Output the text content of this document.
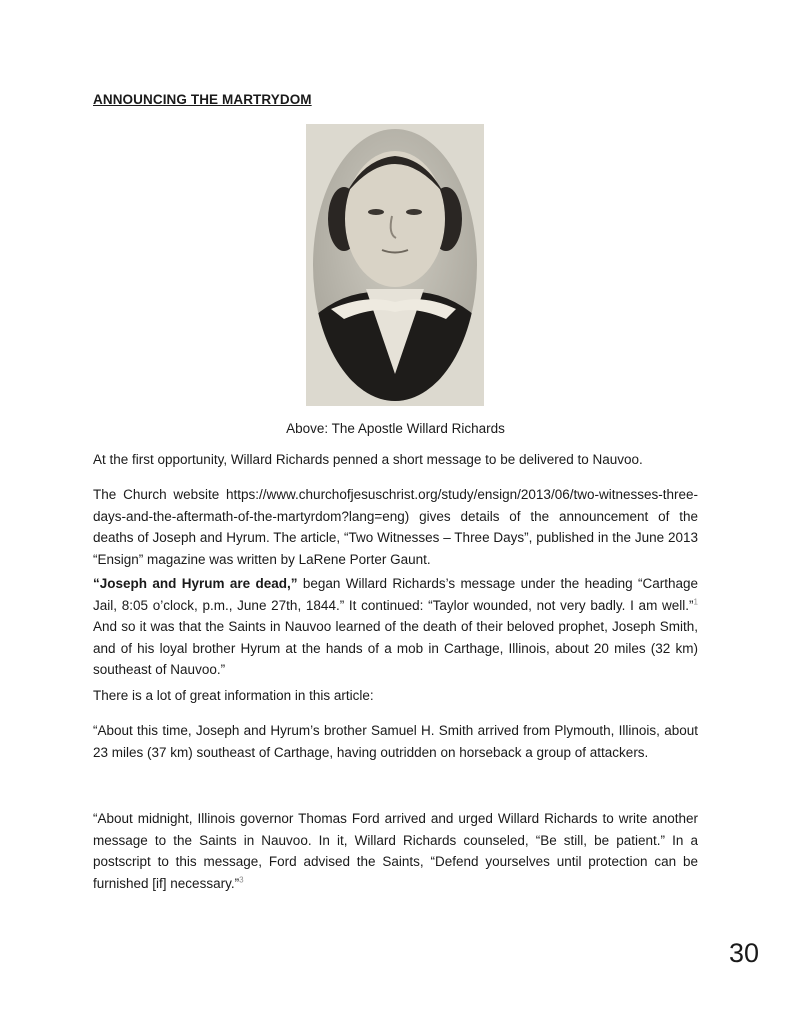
ANNOUNCING THE MARTRYDOM
Above: The Apostle Willard Richards

At the first opportunity, Willard Richards penned a short message to be delivered to Nauvoo.

The Church website https://www.churchofjesuschrist.org/study/ensign/2013/06/two-witnesses-three-days-and-the-aftermath-of-the-martyrdom?lang=eng) gives details of the announcement of the deaths of Joseph and Hyrum. The article, “Two Witnesses – Three Days”, published in the June 2013 “Ensign” magazine was written by LaRene Porter Gaunt.

“Joseph and Hyrum are dead,” began Willard Richards’s message under the heading “Carthage Jail, 8:05 o’clock, p.m., June 27th, 1844.” It continued: “Taylor wounded, not very badly. I am well.”$^1$ And so it was that the Saints in Nauvoo learned of the death of their beloved prophet, Joseph Smith, and of his loyal brother Hyrum at the hands of a mob in Carthage, Illinois, about 20 miles (32 km) southeast of Nauvoo.”

There is a lot of great information in this article:

“About this time, Joseph and Hyrum’s brother Samuel H. Smith arrived from Plymouth, Illinois, about 23 miles (37 km) southeast of Carthage, having outridden on horseback a group of attackers.

“About midnight, Illinois governor Thomas Ford arrived and urged Willard Richards to write another message to the Saints in Nauvoo. In it, Willard Richards counseled, “Be still, be patient.” In a postscript to this message, Ford advised the Saints, “Defend yourselves until protection can be furnished [if] necessary.”$^3$

30
